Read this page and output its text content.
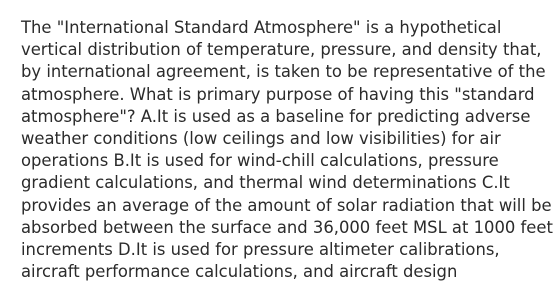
The "International Standard Atmosphere" is a hypothetical
vertical distribution of temperature, pressure, and density that,
by international agreement, is taken to be representative of the
atmosphere. What is primary purpose of having this "standard
atmosphere"? A.It is used as a baseline for predicting adverse
weather conditions (low ceilings and low visibilities) for air
operations B.It is used for wind-chill calculations, pressure
gradient calculations, and thermal wind determinations C.It
provides an average of the amount of solar radiation that will be
absorbed between the surface and 36,000 feet MSL at 1000 feet
increments D.It is used for pressure altimeter calibrations,
aircraft performance calculations, and aircraft design
